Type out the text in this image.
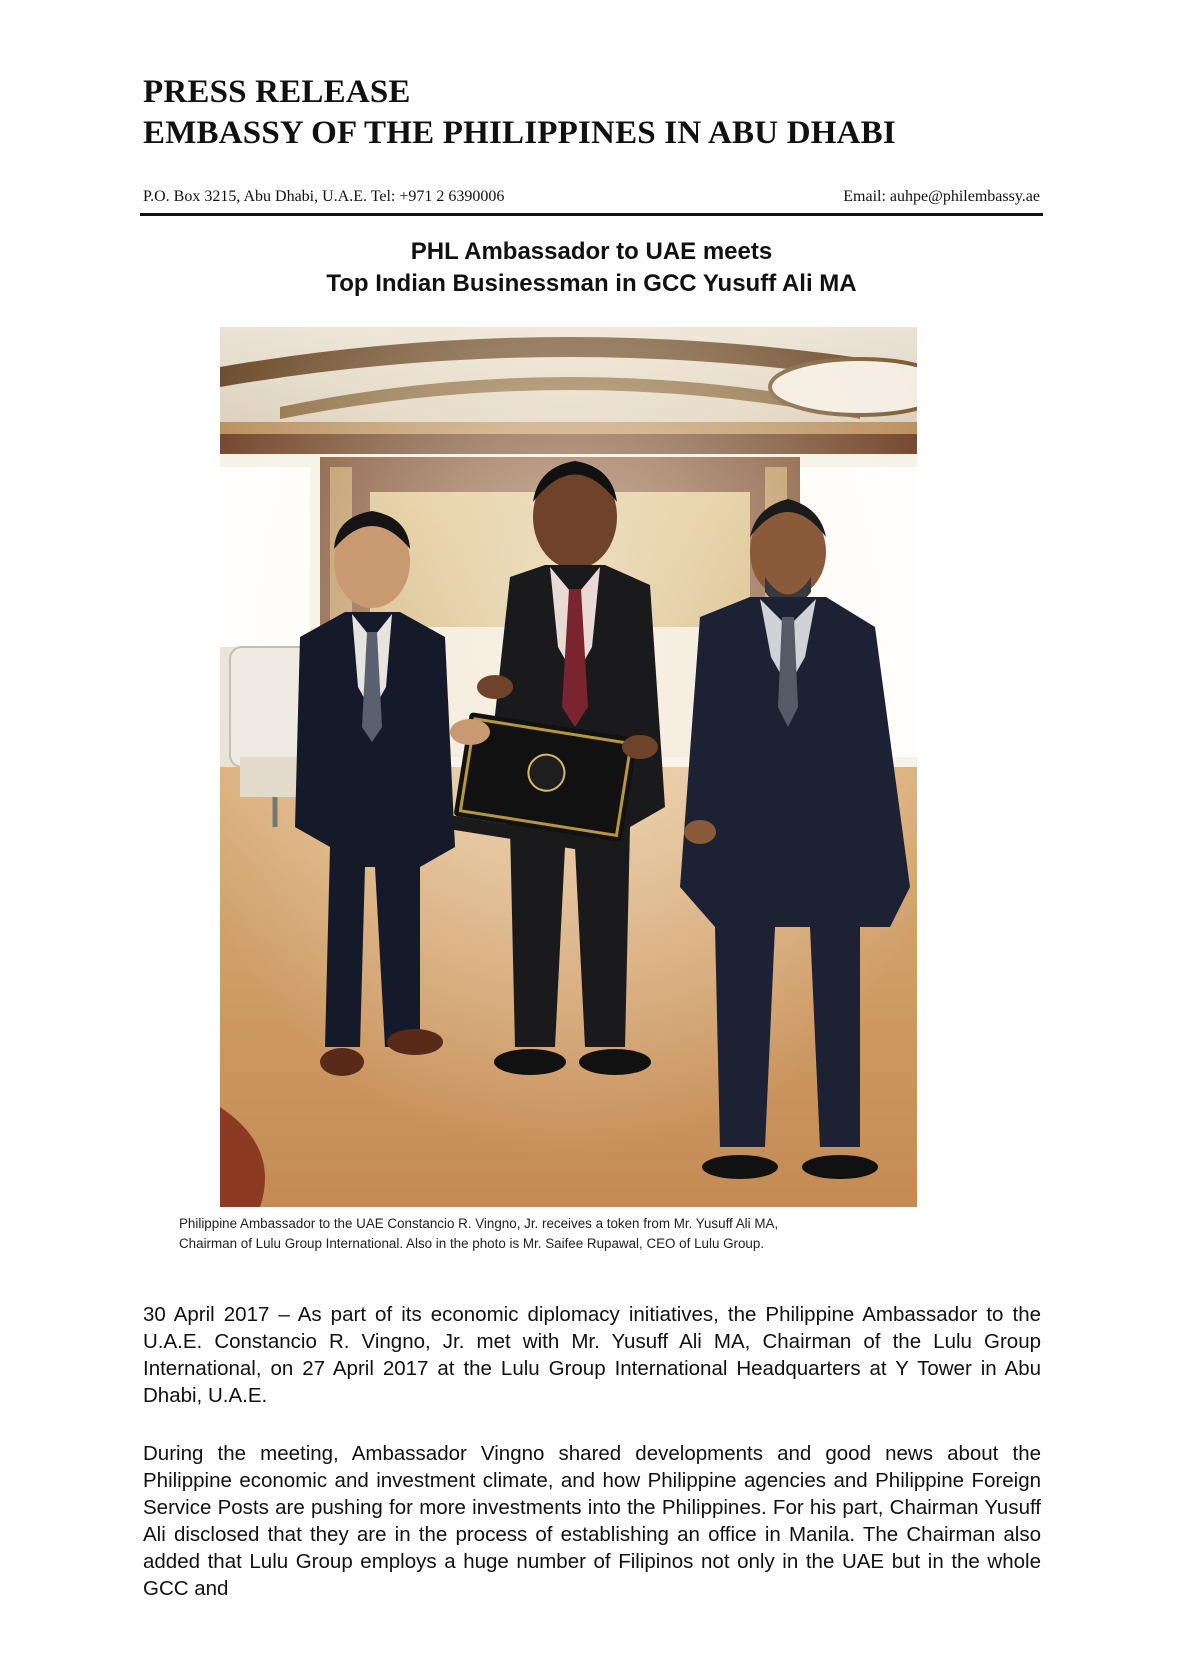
PRESS RELEASE
EMBASSY OF THE PHILIPPINES IN ABU DHABI
P.O. Box 3215, Abu Dhabi, U.A.E. Tel: +971 2 6390006	Email: auhpe@philembassy.ae
PHL Ambassador to UAE meets
Top Indian Businessman in GCC Yusuff Ali MA
Philippine Ambassador to the UAE Constancio R. Vingno, Jr. receives a token from Mr. Yusuff Ali MA,
Chairman of Lulu Group International. Also in the photo is Mr. Saifee Rupawal, CEO of Lulu Group.

30 April 2017 – As part of its economic diplomacy initiatives, the Philippine Ambassador to the U.A.E. Constancio R. Vingno, Jr. met with Mr. Yusuff Ali MA, Chairman of the Lulu Group International, on 27 April 2017 at the Lulu Group International Headquarters at Y Tower in Abu Dhabi, U.A.E.

During the meeting, Ambassador Vingno shared developments and good news about the Philippine economic and investment climate, and how Philippine agencies and Philippine Foreign Service Posts are pushing for more investments into the Philippines. For his part, Chairman Yusuff Ali disclosed that they are in the process of establishing an office in Manila. The Chairman also added that Lulu Group employs a huge number of Filipinos not only in the UAE but in the whole GCC and
